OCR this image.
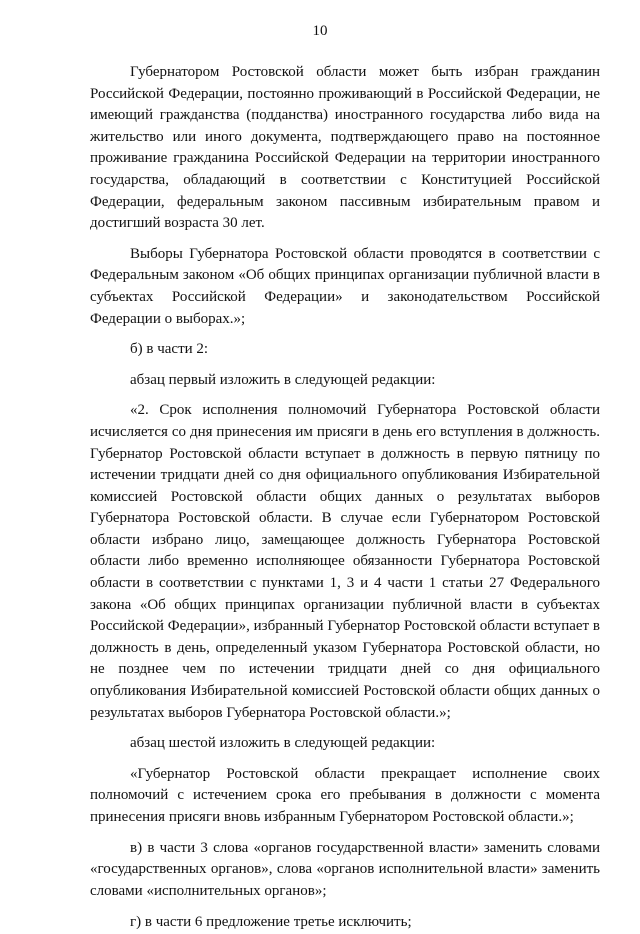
10

Губернатором Ростовской области может быть избран гражданин Российской Федерации, постоянно проживающий в Российской Федерации, не имеющий гражданства (подданства) иностранного государства либо вида на жительство или иного документа, подтверждающего право на постоянное проживание гражданина Российской Федерации на территории иностранного государства, обладающий в соответствии с Конституцией Российской Федерации, федеральным законом пассивным избирательным правом и достигший возраста 30 лет.

Выборы Губернатора Ростовской области проводятся в соответствии с Федеральным законом «Об общих принципах организации публичной власти в субъектах Российской Федерации» и законодательством Российской Федерации о выборах.»;

б) в части 2:

абзац первый изложить в следующей редакции:

«2. Срок исполнения полномочий Губернатора Ростовской области исчисляется со дня принесения им присяги в день его вступления в должность. Губернатор Ростовской области вступает в должность в первую пятницу по истечении тридцати дней со дня официального опубликования Избирательной комиссией Ростовской области общих данных о результатах выборов Губернатора Ростовской области. В случае если Губернатором Ростовской области избрано лицо, замещающее должность Губернатора Ростовской области либо временно исполняющее обязанности Губернатора Ростовской области в соответствии с пунктами 1, 3 и 4 части 1 статьи 27 Федерального закона «Об общих принципах организации публичной власти в субъектах Российской Федерации», избранный Губернатор Ростовской области вступает в должность в день, определенный указом Губернатора Ростовской области, но не позднее чем по истечении тридцати дней со дня официального опубликования Избирательной комиссией Ростовской области общих данных о результатах выборов Губернатора Ростовской области.»;

абзац шестой изложить в следующей редакции:

«Губернатор Ростовской области прекращает исполнение своих полномочий с истечением срока его пребывания в должности с момента принесения присяги вновь избранным Губернатором Ростовской области.»;

в) в части 3 слова «органов государственной власти» заменить словами «государственных органов», слова «органов исполнительной власти» заменить словами «исполнительных органов»;

г) в части 6 предложение третье исключить;
